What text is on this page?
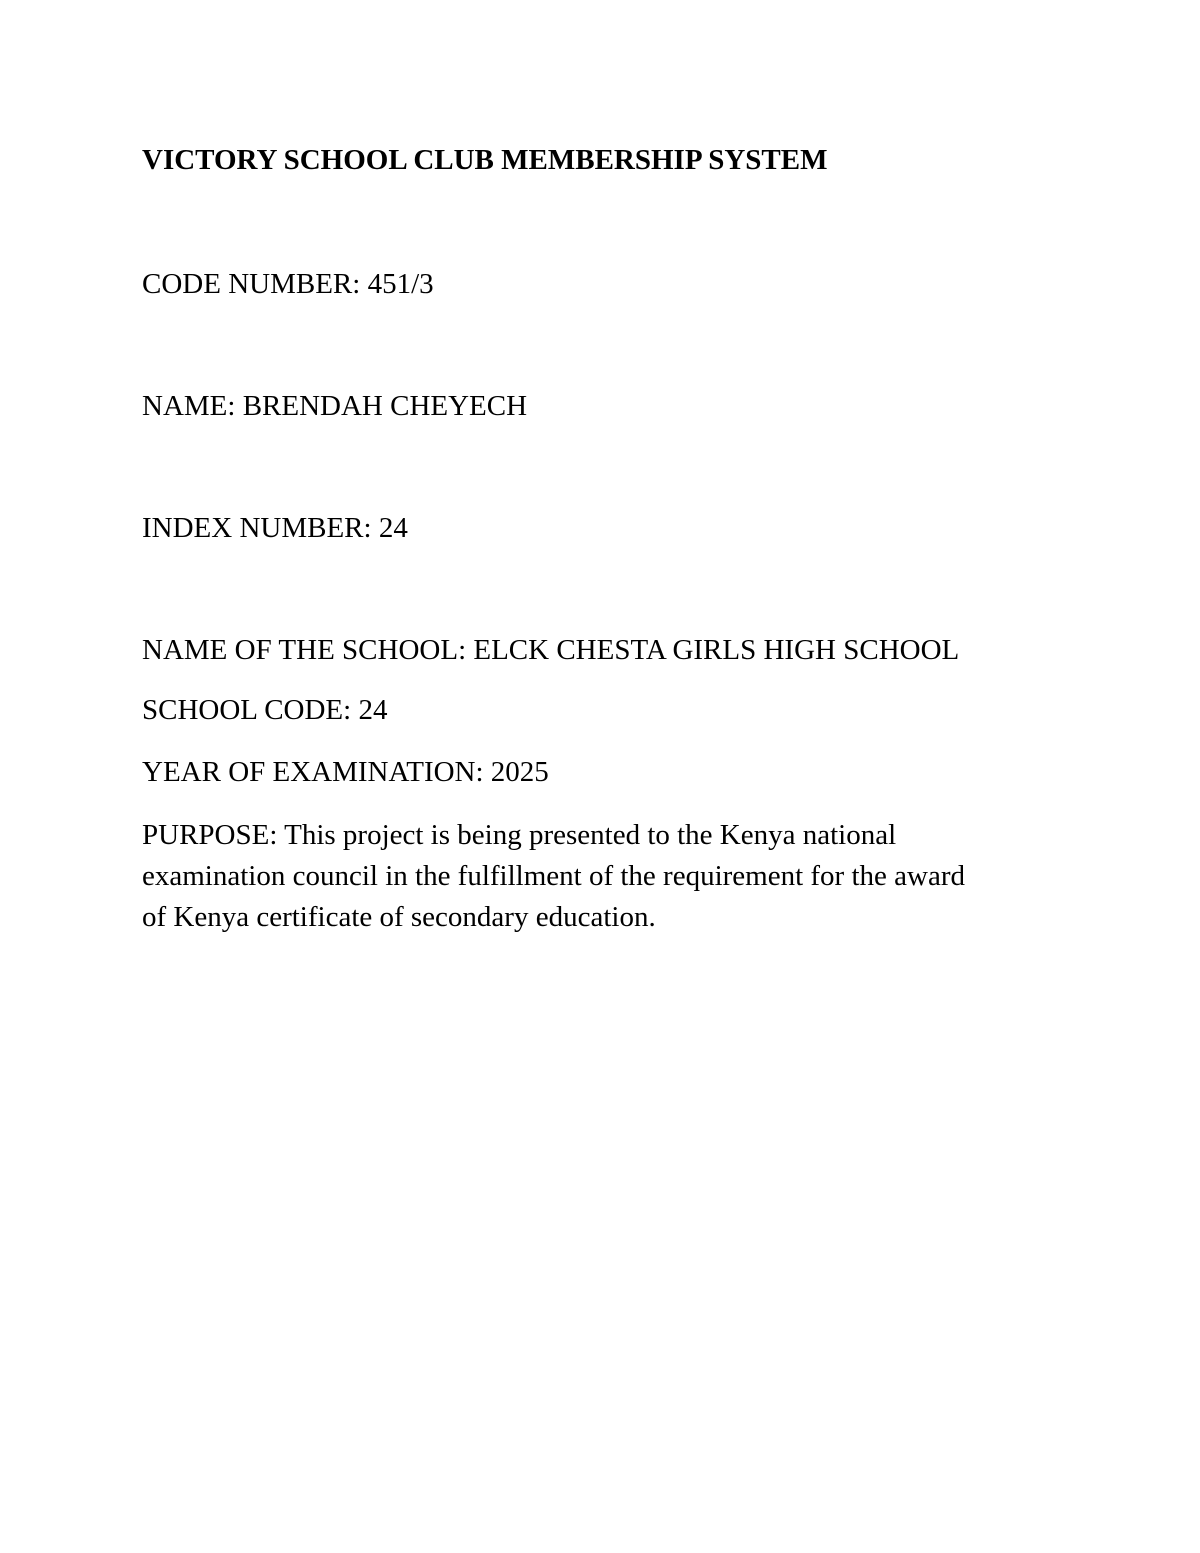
VICTORY SCHOOL CLUB MEMBERSHIP SYSTEM

CODE NUMBER: 451/3

NAME: BRENDAH CHEYECH

INDEX NUMBER: 24

NAME OF THE SCHOOL: ELCK CHESTA GIRLS HIGH SCHOOL

SCHOOL CODE: 24

YEAR OF EXAMINATION: 2025

PURPOSE: This project is being presented to the Kenya national
examination council in the fulfillment of the requirement for the award
of Kenya certificate of secondary education.
